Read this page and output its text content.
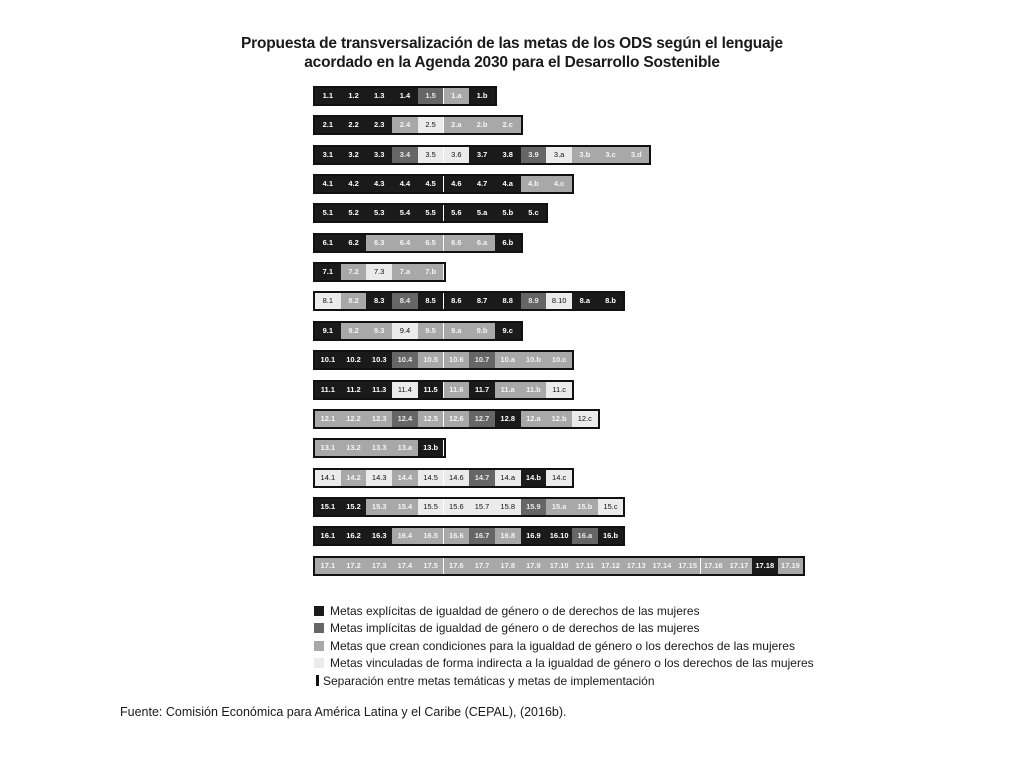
Propuesta de transversalización de las metas de los ODS según el lenguaje
acordado en la Agenda 2030 para el Desarrollo Sostenible
1.1	1.2	1.3	1.4	1.5	1.a	1.b
2.1	2.2	2.3	2.4	2.5	2.a	2.b	2.c
3.1	3.2	3.3	3.4	3.5	3.6	3.7	3.8	3.9	3.a	3.b	3.c	3.d
4.1	4.2	4.3	4.4	4.5	4.6	4.7	4.a	4.b	4.c
5.1	5.2	5.3	5.4	5.5	5.6	5.a	5.b	5.c
6.1	6.2	6.3	6.4	6.5	6.6	6.a	6.b
7.1	7.2	7.3	7.a	7.b
8.1	8.2	8.3	8.4	8.5	8.6	8.7	8.8	8.9	8.10	8.a	8.b
9.1	9.2	9.3	9.4	9.5	9.a	9.b	9.c
10.1	10.2	10.3	10.4	10.5	10.6	10.7	10.a	10.b	10.c
11.1	11.2	11.3	11.4	11.5	11.6	11.7	11.a	11.b	11.c
12.1	12.2	12.3	12.4	12.5	12.6	12.7	12.8	12.a	12.b	12.c
13.1	13.2	13.3	13.a	13.b
14.1	14.2	14.3	14.4	14.5	14.6	14.7	14.a	14.b	14.c
15.1	15.2	15.3	15.4	15.5	15.6	15.7	15.8	15.9	15.a	15.b	15.c
16.1	16.2	16.3	16.4	16.5	16.6	16.7	16.8	16.9	16.10	16.a	16.b
17.1	17.2	17.3	17.4	17.5	17.6	17.7	17.8	17.9	17.10 17.11 17.12 17.13 17.14 17.15 17.16 17.17 17.18 17.19
Metas explícitas de igualdad de género o de derechos de las mujeres
Metas implícitas de igualdad de género o de derechos de las mujeres
Metas que crean condiciones para la igualdad de género o los derechos de las mujeres
Metas vinculadas de forma indirecta a la igualdad de género o los derechos de las mujeres
Separación entre metas temáticas y metas de implementación
Fuente: Comisión Económica para América Latina y el Caribe (CEPAL), (2016b).
